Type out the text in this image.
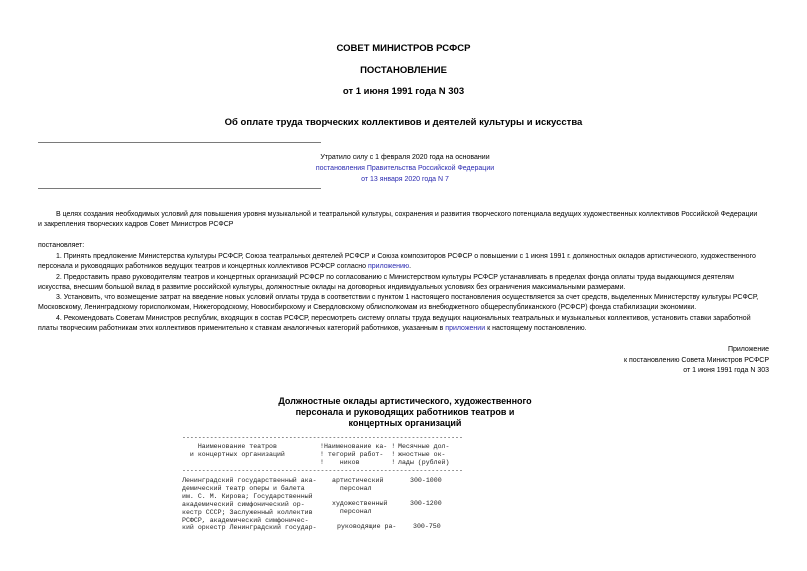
СОВЕТ МИНИСТРОВ РСФСР
ПОСТАНОВЛЕНИЕ
от 1 июня 1991 года N 303
Об оплате труда творческих коллективов и деятелей культуры и искусства
Утратило силу с 1 февраля 2020 года на основании
постановления Правительства Российской Федерации
от 13 января 2020 года N 7
В целях создания необходимых условий для повышения уровня музыкальной и театральной культуры, сохранения и развития творческого потенциала ведущих художественных коллективов Российской Федерации
и закрепления творческих кадров Совет Министров РСФСР
постановляет:
1. Принять предложение Министерства культуры РСФСР, Союза театральных деятелей РСФСР и Союза композиторов РСФСР о повышении с 1 июня 1991 г. должностных окладов артистического, художественного
персонала и руководящих работников ведущих театров и концертных коллективов РСФСР согласно приложению.
2. Предоставить право руководителям театров и концертных организаций РСФСР по согласованию с Министерством культуры РСФСР устанавливать в пределах фонда оплаты труда выдающимся деятелям
искусства, внесшим большой вклад в развитие российской культуры, должностные оклады на договорных индивидуальных условиях без ограничения максимальными размерами.
3. Установить, что возмещение затрат на введение новых условий оплаты труда в соответствии с пунктом 1 настоящего постановления осуществляется за счет средств, выделенных Министерству культуры РСФСР,
Московскому, Ленинградскому горисполкомам, Нижегородскому, Новосибирскому и Свердловскому облисполкомам из внебюджетного общереспубликанского (РСФСР) фонда стабилизации экономики.
4. Рекомендовать Советам Министров республик, входящих в состав РСФСР, пересмотреть систему оплаты труда ведущих национальных театральных и музыкальных коллективов, установить ставки заработной
платы творческим работникам этих коллективов применительно к ставкам аналогичных категорий работников, указанным в приложении к настоящему постановлению.
Приложение
к постановлению Совета Министров РСФСР
от 1 июня 1991 года N 303
Должностные оклады артистического, художественного
персонала и руководящих работников театров и
концертных организаций
-----------------------------------------------------------------------
Наименование театров
и концертных организаций
!Наименование ка- !
! тегорий работ-  !
!    ников        !
Месячные дол-
жностные ок-
лады (рублей)
-----------------------------------------------------------------------
Ленинградский государственный ака-
демический театр оперы и балета
им. С. М. Кирова; Государственный
академический симфонический ор-
кестр СССР; Заслуженный коллектив
РСФСР, академический симфоничес-
кий оркестр Ленинградский государ-
артистический
персонал
300-1000
художественный
персонал
300-1200
руководящие ра-	300-750
